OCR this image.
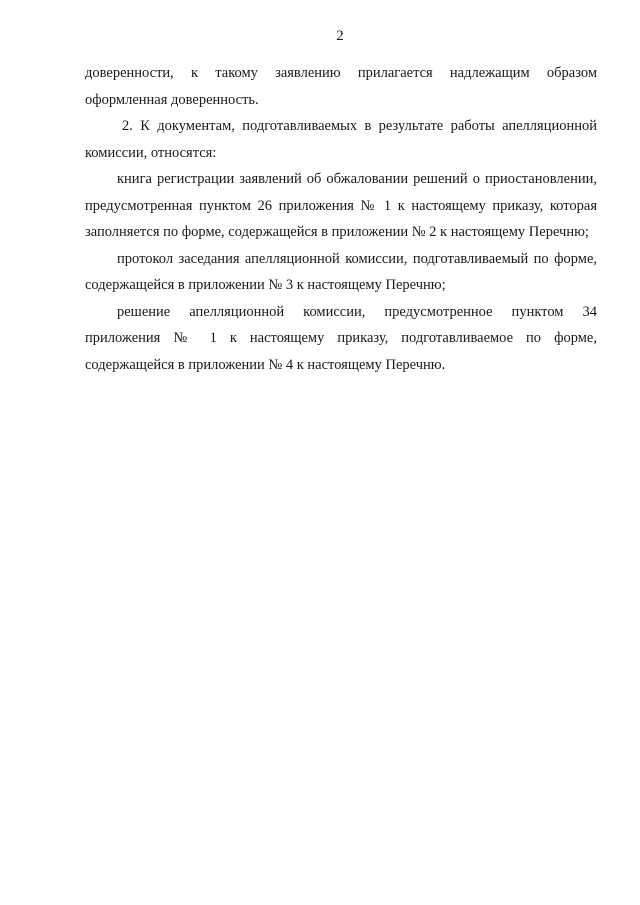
2

доверенности, к такому заявлению прилагается надлежащим образом оформленная доверенность.

2. К документам, подготавливаемых в результате работы апелляционной комиссии, относятся:

книга регистрации заявлений об обжаловании решений о приостановлении, предусмотренная пунктом 26 приложения № 1 к настоящему приказу, которая заполняется по форме, содержащейся в приложении № 2 к настоящему Перечню;

протокол заседания апелляционной комиссии, подготавливаемый по форме, содержащейся в приложении № 3 к настоящему Перечню;

решение апелляционной комиссии, предусмотренное пунктом 34 приложения № 1 к настоящему приказу, подготавливаемое по форме, содержащейся в приложении № 4 к настоящему Перечню.
